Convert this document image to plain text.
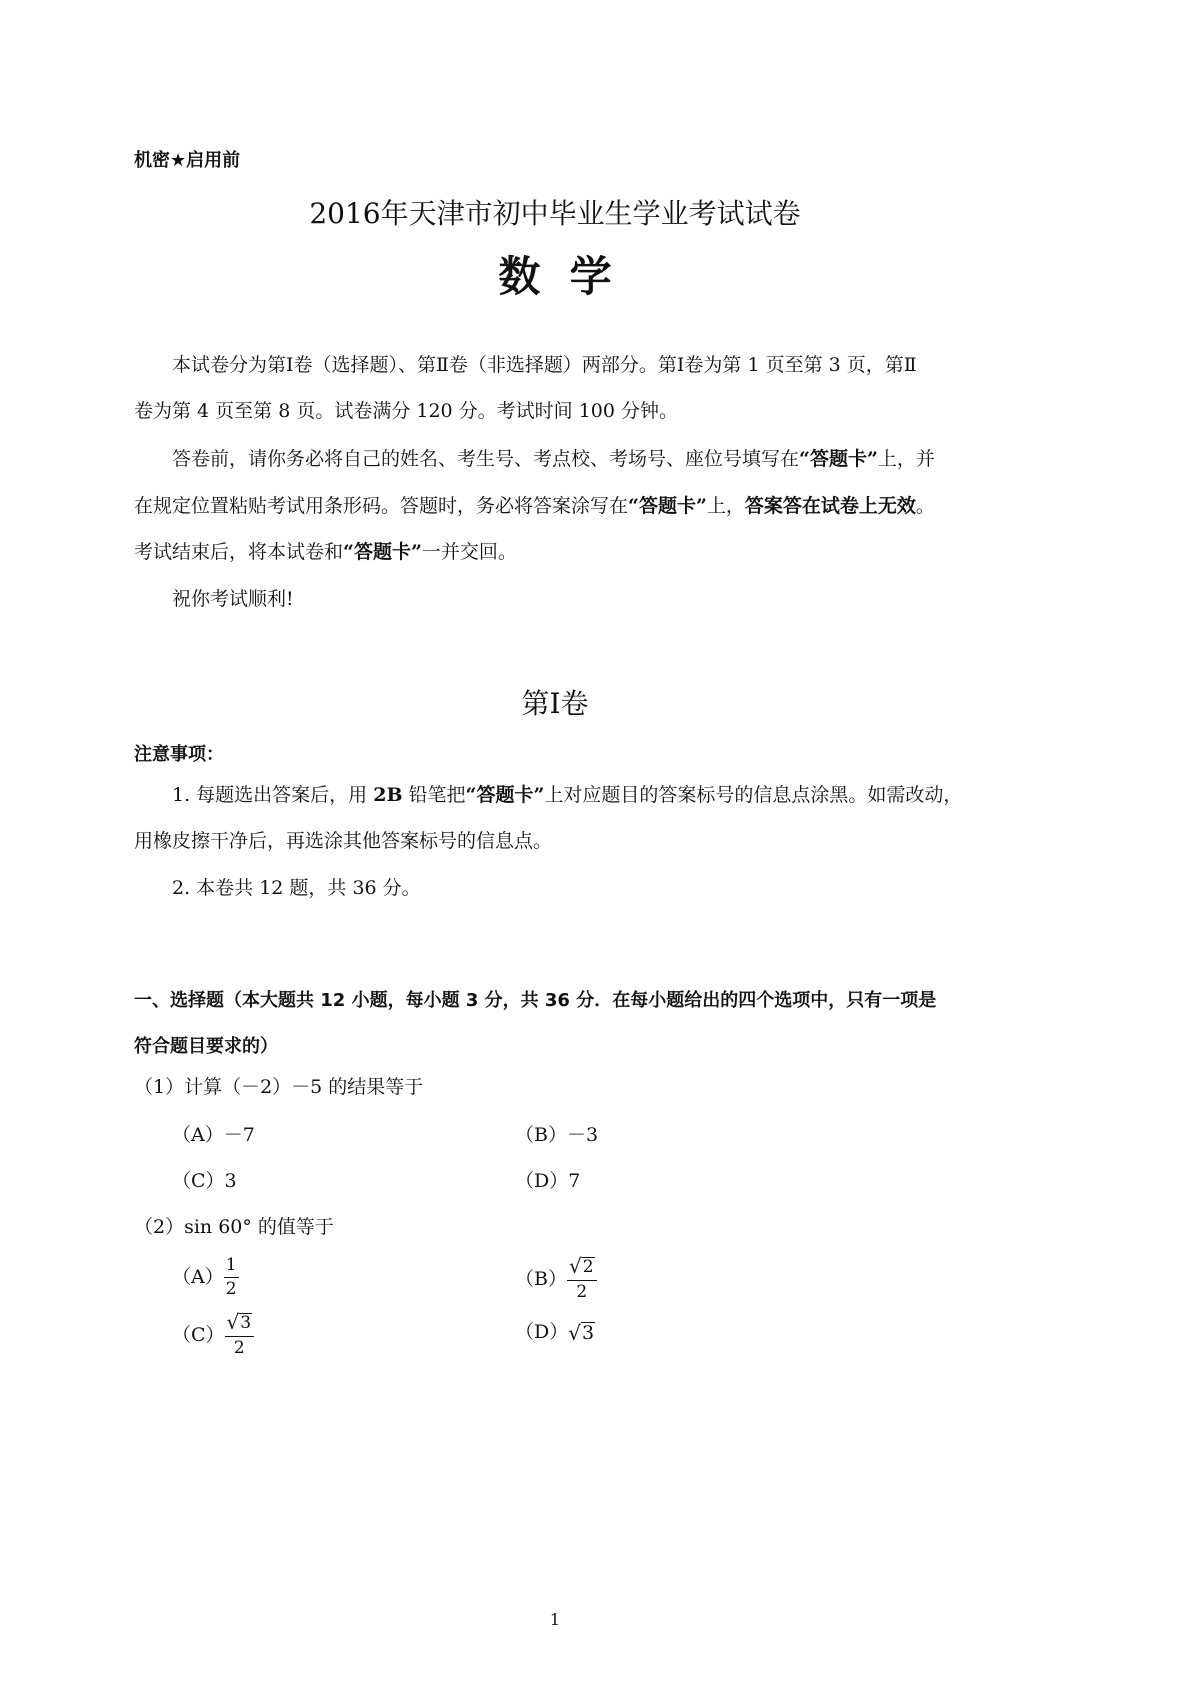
机密★启用前
2016年天津市初中毕业生学业考试试卷
数  学
本试卷分为第Ⅰ卷（选择题）、第Ⅱ卷（非选择题）两部分。第Ⅰ卷为第 1 页至第 3 页，第Ⅱ
卷为第 4 页至第 8 页。试卷满分 120 分。考试时间 100 分钟。
答卷前，请你务必将自己的姓名、考生号、考点校、考场号、座位号填写在“答题卡”上，并
在规定位置粘贴考试用条形码。答题时，务必将答案涂写在“答题卡”上，答案答在试卷上无效。
考试结束后，将本试卷和“答题卡”一并交回。
祝你考试顺利!
第Ⅰ卷
注意事项：
1. 每题选出答案后，用 2B 铅笔把“答题卡”上对应题目的答案标号的信息点涂黑。如需改动，
用橡皮擦干净后，再选涂其他答案标号的信息点。
2. 本卷共 12 题，共 36 分。
一、选择题（本大题共 12 小题，每小题 3 分，共 36 分．在每小题给出的四个选项中，只有一项是
符合题目要求的）
（1）计算（－2）－5 的结果等于
（A）－7	（B）－3
（C）3	（D）7
（2）sin 60° 的值等于
$(A) \frac{1}{2}$	$(B) \frac{√ 2}{2}$
$(C) \frac{√ 3}{2}$	（D） √ 3
1
